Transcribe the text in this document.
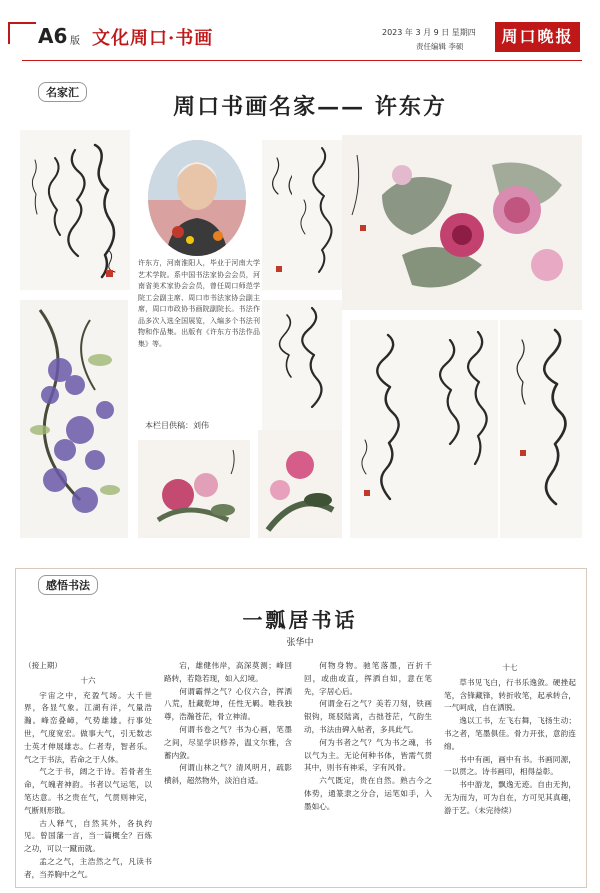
A6 版 文化周口·书画	2023 年 3 月 9 日 星期四
责任编辑 李硕
周口晚报
名家汇
周口书画名家—— 许东方
许东方，河南淮阳人，毕业于河南大学艺术学院。系中国书法家协会会员，河南省美术家协会会员，曾任周口师范学院工会副主席、周口市书法家协会副主席，周口市政协书画院副院长。书法作品多次入选全国展览，入编多个书法刊物和作品集。出版有《许东方书法作品集》等。
本栏目供稿：刘伟
感悟书法
一瓢居书话
张华中
（接上期）

十六

宇宙之中，充盈气场。大千世界，各显气象。江湖有洋，气量浩瀚。峰峦叠嶂，气势雄雄。行事处世，气度宽宏。做事大气，引无数志士英才伸展雄志。仁者寿，智者乐。气之于书法，若命之于人体。

气之于书，阔之于诗。若骨者生命，气魄者神韵。书者以气运笔，以笔达意。书之贵在气，气贯则神完，气断则形散。

古人释气，自然其外，各执约见。曾国藩一言，当一篇概全？百炼之功，可以一蹴而就。

孟之之气，主浩然之气，凡读书者，当养胸中之气。

宕，雄健伟岸，高深莫测；峰回路转，若隐若现，如入幻境。

何谓霸悍之气？心仪六合，挥洒八荒，肚藏乾坤，任性无羁。唯我独尊，浩瀚苍茫，骨立神清。

何谓书卷之气？书为心画，笔墨之间，尽显学识修养，温文尔雅，含蓄内敛。

何谓山林之气？清风明月，疏影横斜，超然物外，淡泊自适。

何物身物。驰笔落墨，百折千回，或曲或直，挥洒自如，意在笔先，字居心后。

何谓金石之气？美若刀刻，铁画银钩，斑驳陆离，古拙苍茫，气韵生动，书法由碑入帖者，多具此气。

何为书者之气？气为书之魂，书以气为主。无论何种书体，皆需气贯其中，则书有神采，字有风骨。

六气既定，贵在自然。熟古今之体势，通篆隶之分合，运笔如手，入墨如心。

十七

草书见飞白，行书乐逸敛。硬挫起笔，含锋藏锋，转折收笔，起承转合，一气呵成，自在洒脱。

逸以工书，左飞右舞，飞扬生动；书之者，笔墨俱佳。骨力开张，意韵连绵。

书中有画，画中有书。书画同源，一以贯之。诗书画印，相得益彰。

书中游龙，飘逸无迹。自由无拘，无为而为，可为自在，方可见其真趣，游于艺。（未完待续）
